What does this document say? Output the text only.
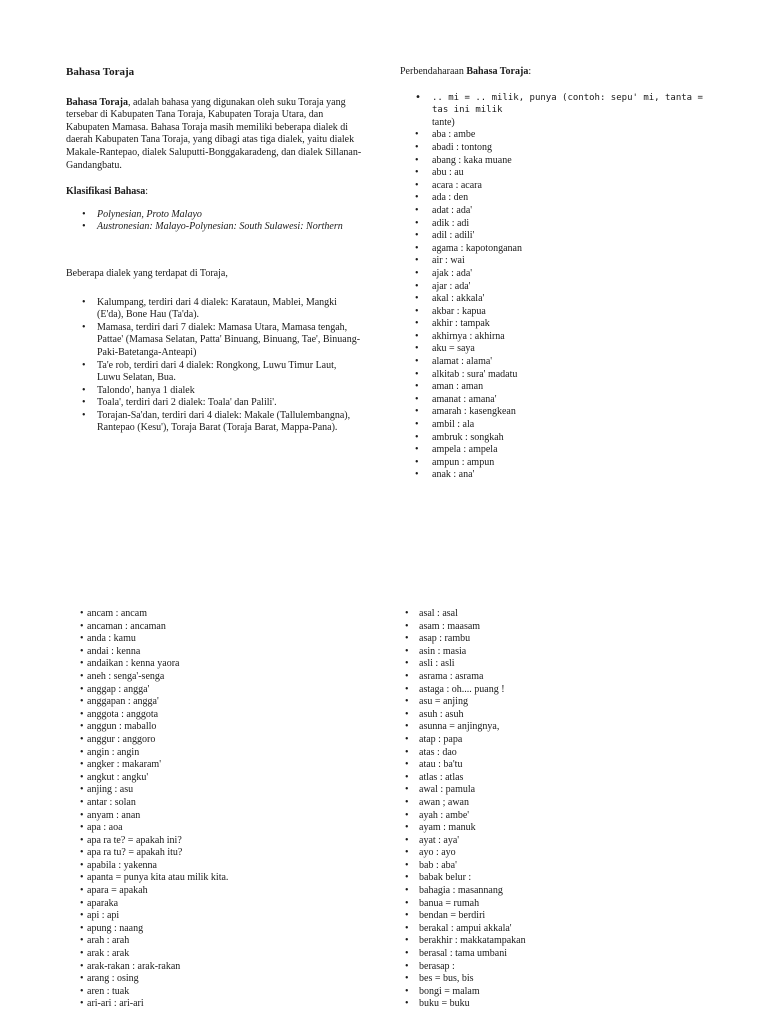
Bahasa Toraja

Bahasa Toraja, adalah bahasa yang digunakan oleh suku Toraja yang tersebar di Kabupaten Tana Toraja, Kabupaten Toraja Utara, dan Kabupaten Mamasa. Bahasa Toraja masih memiliki beberapa dialek di daerah Kabupaten Tana Toraja, yang dibagi atas tiga dialek, yaitu dialek Makale-Rantepao, dialek Saluputti-Bonggakaradeng, dan dialek Sillanan-Gandangbatu.

Klasifikasi Bahasa:

• Polynesian, Proto Malayo
• Austronesian: Malayo-Polynesian: South Sulawesi: Northern

Beberapa dialek yang terdapat di Toraja,

• Kalumpang, terdiri dari 4 dialek: Karataun, Mablei, Mangki (E'da), Bone Hau (Ta'da).
• Mamasa, terdiri dari 7 dialek: Mamasa Utara, Mamasa tengah, Pattae' (Mamasa Selatan, Patta' Binuang, Binuang, Tae', Binuang-Paki-Batetanga-Anteapi)
• Ta'e rob, terdiri dari 4 dialek: Rongkong, Luwu Timur Laut, Luwu Selatan, Bua.
• Talondo', hanya 1 dialek
• Toala', terdiri dari 2 dialek: Toala' dan Palili'.
• Torajan-Sa'dan, terdiri dari 4 dialek: Makale (Tallulembangna), Rantepao (Kesu'), Toraja Barat (Toraja Barat, Mappa-Pana).

Perbendaharaan Bahasa Toraja:

• .. mi = .. milik, punya (contoh: sepu' mi, tanta = tas ini milik
tante)
• aba : ambe
• abadi : tontong
• abang : kaka muane
• abu : au
• acara : acara
• ada : den
• adat : ada'
• adik : adi
• adil : adili'
• agama : kapotonganan
• air : wai
• ajak : ada'
• ajar : ada'
• akal : akkala'
• akbar : kapua
• akhir : tampak
• akhirnya : akhirna
• aku = saya
• alamat : alama'
• alkitab : sura' madatu
• aman : aman
• amanat : amana'
• amarah : kasengkean
• ambil : ala
• ambruk : songkah
• ampela : ampela
• ampun : ampun
• anak : ana'
• ancam : ancam
• ancaman : ancaman
• anda : kamu
• andai : kenna
• andaikan : kenna yaora
• aneh : senga'-senga
• anggap : angga'
• anggapan : angga'
• anggota : anggota
• anggun : maballo
• anggur : anggoro
• angin : angin
• angker : makaram'
• angkut : angku'
• anjing : asu
• antar : solan
• anyam : anan
• apa : aoa
• apa ra te? = apakah ini?
• apa ra tu? = apakah itu?
• apabila : yakenna
• apanta = punya kita atau milik kita.
• apara = apakah
• aparaka
• api : api
• apung : naang
• arah : arah
• arak : arak
• arak-rakan : arak-rakan
• arang : osing
• aren : tuak
• ari-ari : ari-ari
• asal : asal
• asam : maasam
• asap : rambu
• asin : masia
• asli : asli
• asrama : asrama
• astaga : oh.... puang !
• asu = anjing
• asuh : asuh
• asunna = anjingnya,
• atap : papa
• atas : dao
• atau : ba'tu
• atlas : atlas
• awal : pamula
• awan ; awan
• ayah : ambe'
• ayam : manuk
• ayat : aya'
• ayo : ayo
• bab : aba'
• babak belur :
• bahagia : masannang
• banua = rumah
• bendan = berdiri
• berakal : ampui akkala'
• berakhir : makkatampakan
• berasal : tama umbani
• berasap :
• bes = bus, bis
• bongi = malam
• buku = buku
